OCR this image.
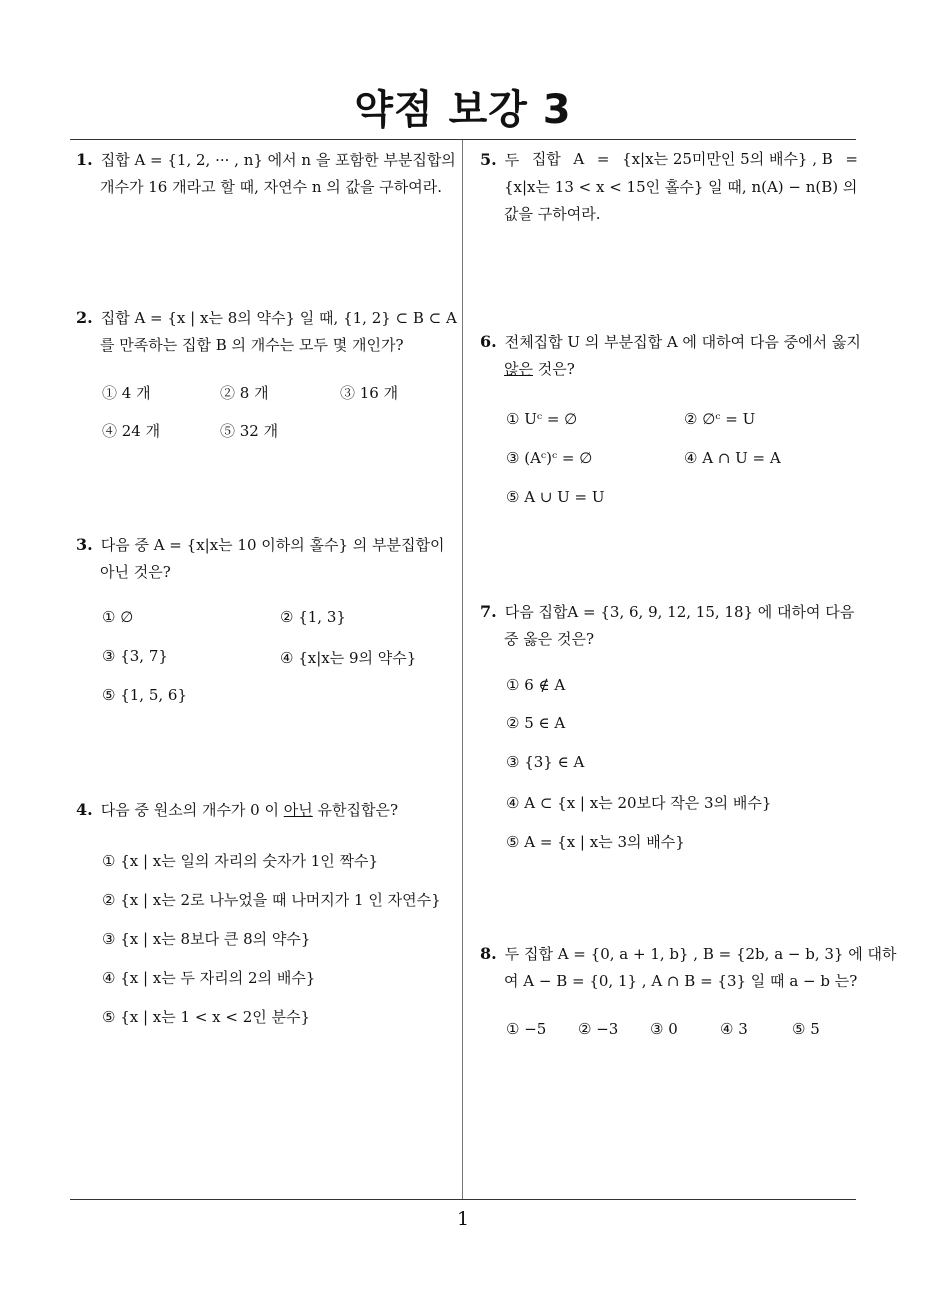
약점 보강 3
1
1. 집합 A = {1, 2, ··· , n} 에서 n 을 포함한 부분집합의
개수가 16 개라고 할 때, 자연수 n 의 값을 구하여라.
2. 집합 A = {x | x는 8의 약수} 일 때, {1, 2} ⊂ B ⊂ A
를 만족하는 집합 B 의 개수는 모두 몇 개인가?
① 4 개	② 8 개	③ 16 개
④ 24 개	⑤ 32 개
3. 다음 중 A = {x|x는 10 이하의 홀수} 의 부분집합이
아닌 것은?
① ∅	② {1, 3}
③ {3, 7}	④ {x|x는 9의 약수}
⑤ {1, 5, 6}
4. 다음 중 원소의 개수가 0 이 아닌 유한집합은?
① {x | x는 일의 자리의 숫자가 1인 짝수}
② {x | x는 2로 나누었을 때 나머지가 1 인 자연수}
③ {x | x는 8보다 큰 8의 약수}
④ {x | x는 두 자리의 2의 배수}
⑤ {x | x는 1 < x < 2인 분수}
5. 두 집합 A = {x|x는 25미만인 5의 배수} , B =
{x|x는 13 < x < 15인 홀수} 일 때, n(A) − n(B) 의
값을 구하여라.
6. 전체집합 U 의 부분집합 A 에 대하여 다음 중에서 옳지
않은 것은?
① Uᶜ = ∅	② ∅ᶜ = U
③ (Aᶜ)ᶜ = ∅	④ A ∩ U = A
⑤ A ∪ U = U
7. 다음 집합A = {3, 6, 9, 12, 15, 18} 에 대하여 다음
중 옳은 것은?
① 6 ∉ A
② 5 ∈ A
③ {3} ∈ A
④ A ⊂ {x | x는 20보다 작은 3의 배수}
⑤ A = {x | x는 3의 배수}
8. 두 집합 A = {0, a + 1, b} , B = {2b, a − b, 3} 에 대하
여 A − B = {0, 1} , A ∩ B = {3} 일 때 a − b 는?
① −5 ② −3 ③ 0	④ 3	⑤ 5
